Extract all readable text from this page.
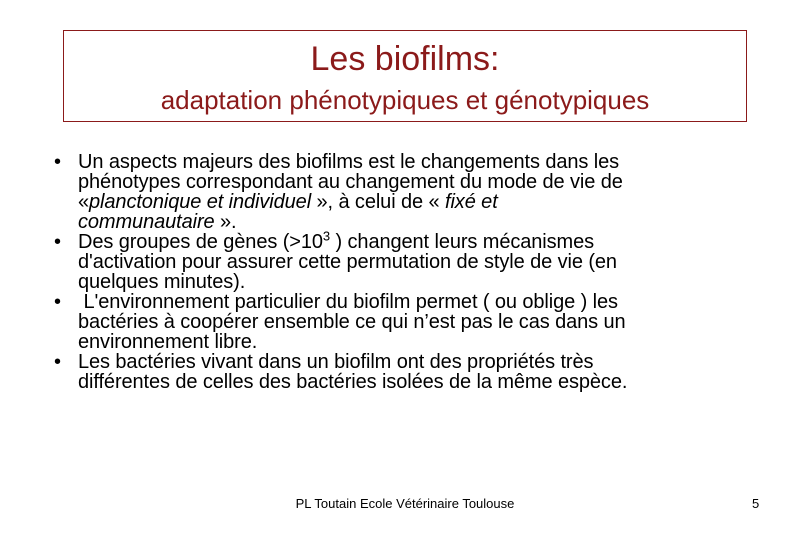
Les biofilms:
adaptation phénotypiques et génotypiques
• Un aspects majeurs des biofilms est le changements dans les
phénotypes correspondant au changement du mode de vie de
«planctonique et individuel », à celui de « fixé et
communautaire ».
• Des groupes de gènes ($>10^3$ ) changent leurs mécanismes
d'activation pour assurer cette permutation de style de vie (en
quelques minutes).
• L'environnement particulier du biofilm permet ( ou oblige ) les
bactéries à coopérer ensemble ce qui n’est pas le cas dans un
environnement libre.
• Les bactéries vivant dans un biofilm ont des propriétés très
différentes de celles des bactéries isolées de la même espèce.
PL Toutain Ecole Vétérinaire Toulouse	5
